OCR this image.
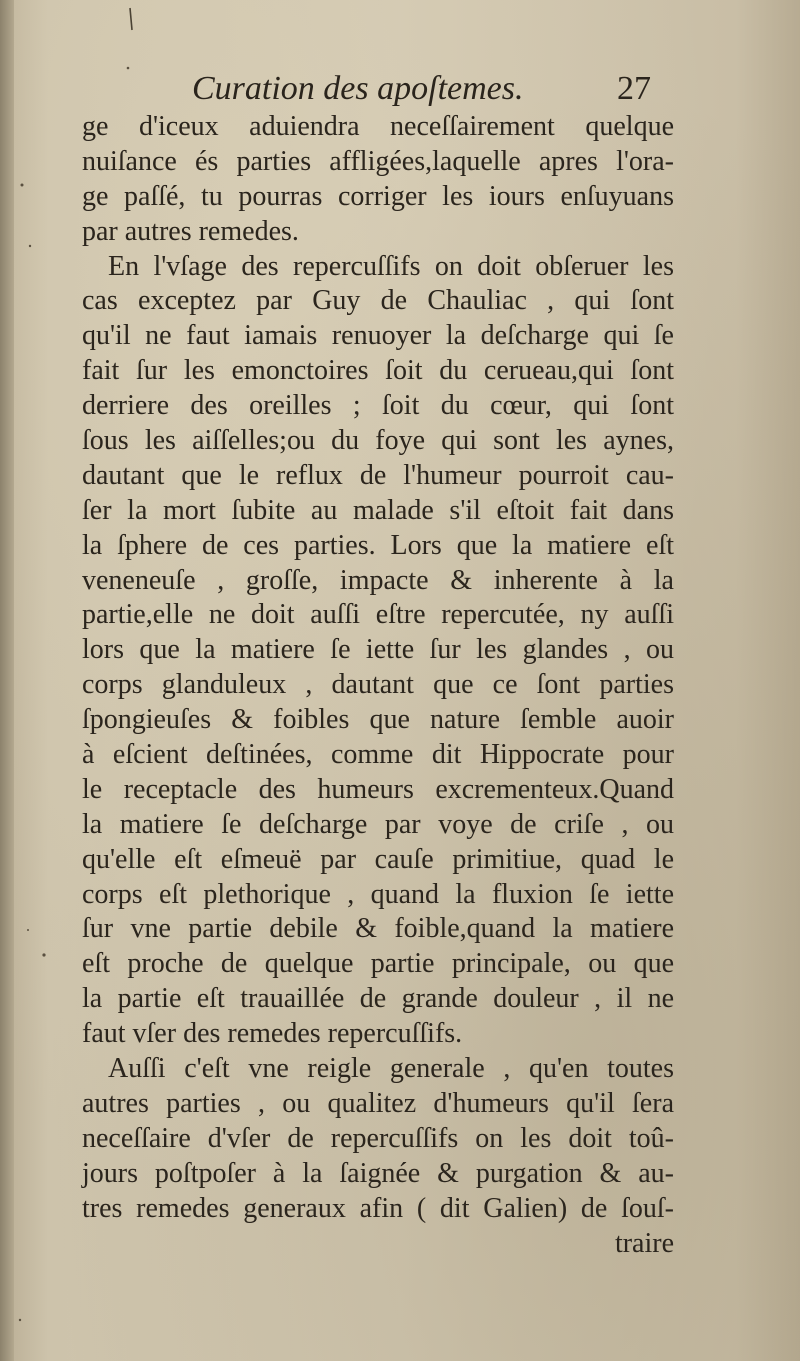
Curation des apoſtemes.	27
ge d'iceux aduiendra neceſſairement quelque
nuiſance és parties affligées,laquelle apres l'ora-
ge paſſé, tu pourras corriger les iours enſuyuans
par autres remedes.
En l'vſage des repercuſſifs on doit obſeruer les
cas exceptez par Guy de Chauliac , qui ſont
qu'il ne faut iamais renuoyer la deſcharge qui ſe
fait ſur les emonctoires ſoit du cerueau,qui ſont
derriere des oreilles ; ſoit du cœur, qui ſont
ſous les aiſſelles;ou du foye qui sont les aynes,
dautant que le reflux de l'humeur pourroit cau-
ſer la mort ſubite au malade s'il eſtoit fait dans
la ſphere de ces parties. Lors que la matiere eſt
veneneuſe , groſſe, impacte & inherente à la
partie,elle ne doit auſſi eſtre repercutée, ny auſſi
lors que la matiere ſe iette ſur les glandes , ou
corps glanduleux , dautant que ce ſont parties
ſpongieuſes & foibles que nature ſemble auoir
à eſcient deſtinées, comme dit Hippocrate pour
le receptacle des humeurs excrementeux.Quand
la matiere ſe deſcharge par voye de criſe , ou
qu'elle eſt eſmeuë par cauſe primitiue, quad le
corps eſt plethorique , quand la fluxion ſe iette
ſur vne partie debile & foible,quand la matiere
eſt proche de quelque partie principale, ou que
la partie eſt trauaillée de grande douleur , il ne
faut vſer des remedes repercuſſifs.
Auſſi c'eſt vne reigle generale , qu'en toutes
autres parties , ou qualitez d'humeurs qu'il ſera
neceſſaire d'vſer de repercuſſifs on les doit toû-
jours poſtpoſer à la ſaignée & purgation & au-
tres remedes generaux afin ( dit Galien) de ſouſ-
traire
